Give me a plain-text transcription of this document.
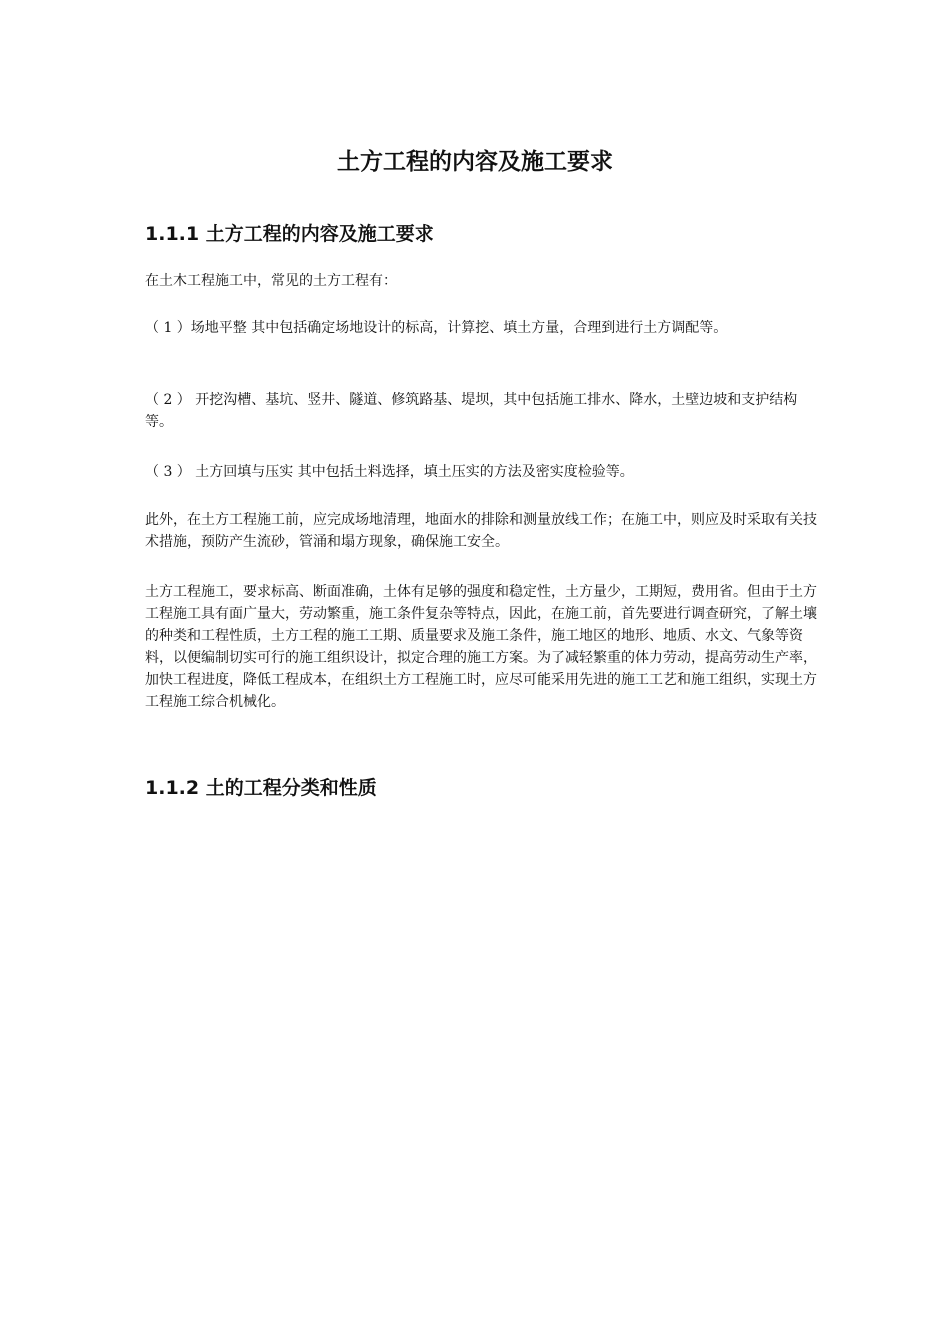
土方工程的内容及施工要求
1.1.1 土方工程的内容及施工要求

在土木工程施工中，常见的土方工程有：

（ 1 ）场地平整 其中包括确定场地设计的标高，计算挖、填土方量，合理到进行土方调配等。

（ 2 ） 开挖沟槽、基坑、竖井、隧道、修筑路基、堤坝，其中包括施工排水、降水，土壁边坡和支护结构等。

（ 3 ） 土方回填与压实 其中包括土料选择，填土压实的方法及密实度检验等。

此外，在土方工程施工前，应完成场地清理，地面水的排除和测量放线工作；在施工中，则应及时采取有关技术措施，预防产生流砂，管涌和塌方现象，确保施工安全。

土方工程施工，要求标高、断面准确，土体有足够的强度和稳定性，土方量少，工期短，费用省。但由于土方工程施工具有面广量大，劳动繁重，施工条件复杂等特点，因此，在施工前，首先要进行调查研究，了解土壤的种类和工程性质，土方工程的施工工期、质量要求及施工条件，施工地区的地形、地质、水文、气象等资料，以便编制切实可行的施工组织设计，拟定合理的施工方案。为了减轻繁重的体力劳动，提高劳动生产率，加快工程进度，降低工程成本，在组织土方工程施工时，应尽可能采用先进的施工工艺和施工组织，实现土方工程施工综合机械化。

1.1.2 土的工程分类和性质
